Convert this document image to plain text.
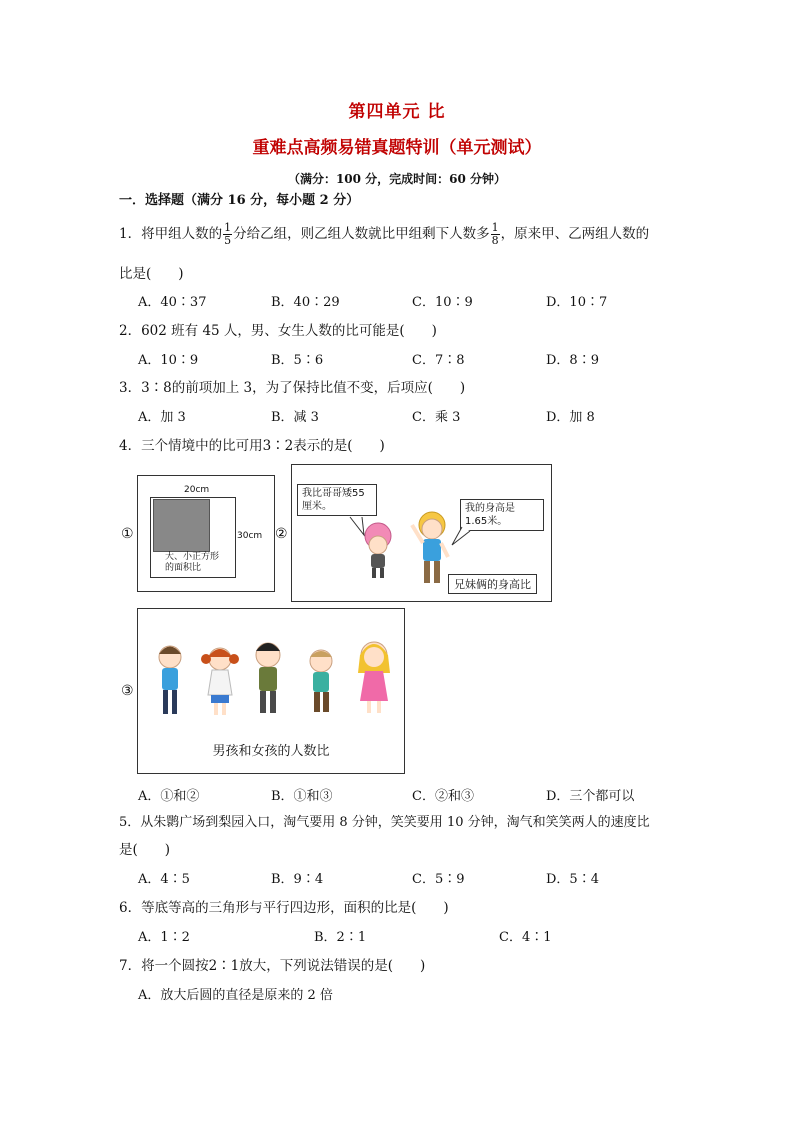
第四单元 比
重难点高频易错真题特训（单元测试）
（满分：100 分，完成时间：60 分钟）
一．选择题（满分 16 分，每小题 2 分）
1．将甲组人数的 $\frac{1}{5}$ 分给乙组，则乙组人数就比甲组剩下人数多 $\frac{1}{8}$ ，原来甲、乙两组人数的
比是(　　)
A．40∶37	B．40∶29	C．10∶9	D．10∶7
2．602 班有 45 人，男、女生人数的比可能是(　　)
A．10∶9	B．5∶6	C．7∶8	D．8∶9
3．3∶8的前项加上 3，为了保持比值不变，后项应(　　)
A．加 3	B．减 3	C．乘 3	D．加 8
4．三个情境中的比可用3∶2表示的是(　　)
①
20cm
30cm
大、小正方形
的面积比
②
我比哥哥矮55
厘米。	我的身高是
1.65米。
兄妹俩的身高比
③
男孩和女孩的人数比
A．①和②	B．①和③	C．②和③	D．三个都可以
5．从朱鹮广场到梨园入口，淘气要用 8 分钟，笑笑要用 10 分钟，淘气和笑笑两人的速度比
是(　　)
A．4∶5	B．9∶4	C．5∶9	D．5∶4
6．等底等高的三角形与平行四边形，面积的比是(　　)
A．1∶2	B．2∶1	C．4∶1
7．将一个圆按2∶1放大，下列说法错误的是(　　)
A．放大后圆的直径是原来的 2 倍
